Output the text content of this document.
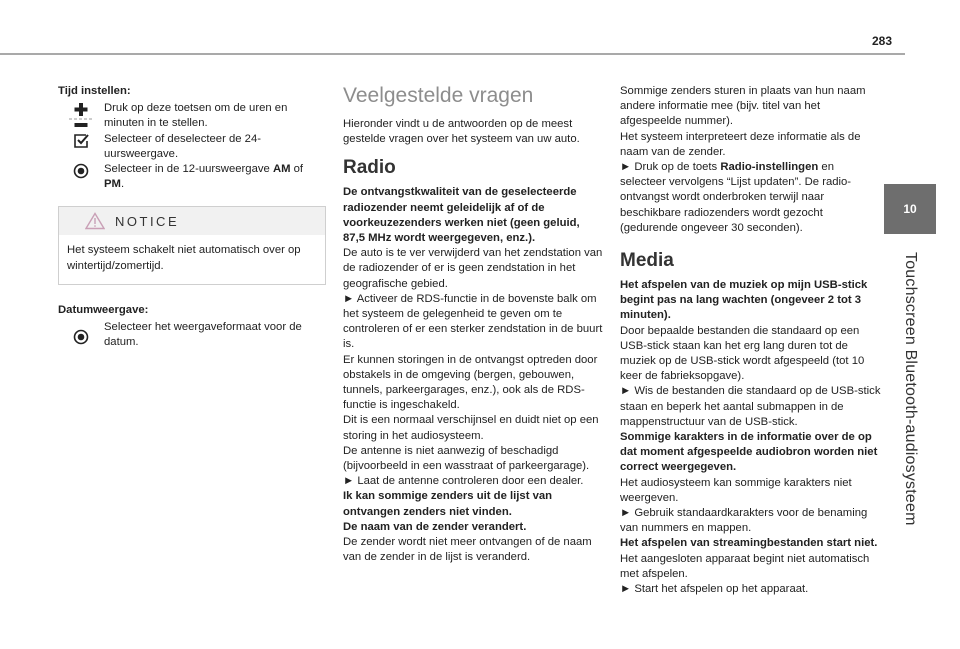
283
10
Touchscreen Bluetooth-audiosysteem
Tijd instellen:
Druk op deze toetsen om de uren en minuten in te stellen.
Selecteer of deselecteer de 24-uursweergave.
Selecteer in de 12-uursweergave AM of PM.
NOTICE
Het systeem schakelt niet automatisch over op wintertijd/zomertijd.
Datumweergave:
Selecteer het weergaveformaat voor de datum.
Veelgestelde vragen
Hieronder vindt u de antwoorden op de meest gestelde vragen over het systeem van uw auto.
Radio
De ontvangstkwaliteit van de geselecteerde radiozender neemt geleidelijk af of de voorkeuzezenders werken niet (geen geluid, 87,5 MHz wordt weergegeven, enz.).
De auto is te ver verwijderd van het zendstation van de radiozender of er is geen zendstation in het geografische gebied.
► Activeer de RDS-functie in de bovenste balk om het systeem de gelegenheid te geven om te controleren of er een sterker zendstation in de buurt is.
Er kunnen storingen in de ontvangst optreden door obstakels in de omgeving (bergen, gebouwen, tunnels, parkeergarages, enz.), ook als de RDS-functie is ingeschakeld.
Dit is een normaal verschijnsel en duidt niet op een storing in het audiosysteem.
De antenne is niet aanwezig of beschadigd (bijvoorbeeld in een wasstraat of parkeergarage).
► Laat de antenne controleren door een dealer.
Ik kan sommige zenders uit de lijst van ontvangen zenders niet vinden.
De naam van de zender verandert.
De zender wordt niet meer ontvangen of de naam van de zender in de lijst is veranderd.
Sommige zenders sturen in plaats van hun naam andere informatie mee (bijv. titel van het afgespeelde nummer).
Het systeem interpreteert deze informatie als de naam van de zender.
► Druk op de toets Radio-instellingen en selecteer vervolgens “Lijst updaten”. De radio-ontvangst wordt onderbroken terwijl naar beschikbare radiozenders wordt gezocht (gedurende ongeveer 30 seconden).
Media
Het afspelen van de muziek op mijn USB-stick begint pas na lang wachten (ongeveer 2 tot 3 minuten).
Door bepaalde bestanden die standaard op een USB-stick staan kan het erg lang duren tot de muziek op de USB-stick wordt afgespeeld (tot 10 keer de fabrieksopgave).
► Wis de bestanden die standaard op de USB-stick staan en beperk het aantal submappen in de mappenstructuur van de USB-stick.
Sommige karakters in de informatie over de op dat moment afgespeelde audiobron worden niet correct weergegeven.
Het audiosysteem kan sommige karakters niet weergeven.
► Gebruik standaardkarakters voor de benaming van nummers en mappen.
Het afspelen van streamingbestanden start niet.
Het aangesloten apparaat begint niet automatisch met afspelen.
► Start het afspelen op het apparaat.
